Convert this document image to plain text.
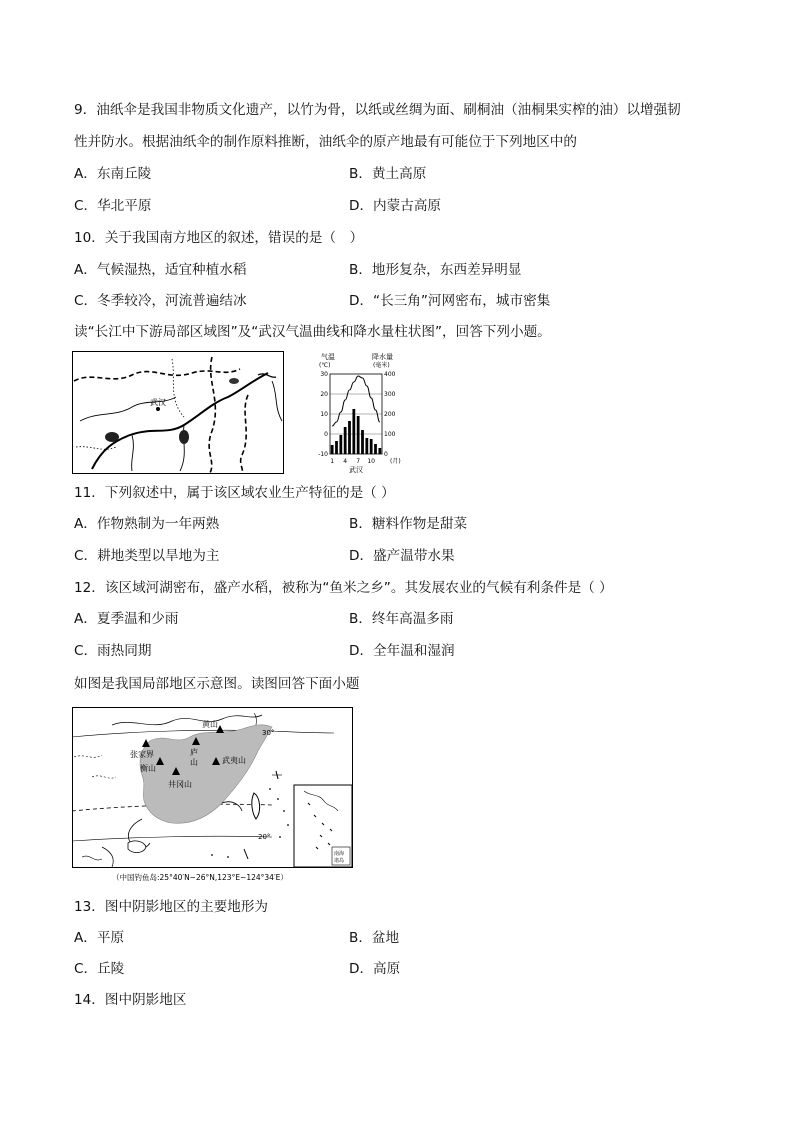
9．油纸伞是我国非物质文化遗产，以竹为骨，以纸或丝绸为面、刷桐油（油桐果实榨的油）以增强韧
性并防水。根据油纸伞的制作原料推断，油纸伞的原产地最有可能位于下列地区中的
A．东南丘陵	B．黄土高原
C．华北平原	D．内蒙古高原
10．关于我国南方地区的叙述，错误的是（　）
A．气候湿热，适宜种植水稻	B．地形复杂，东西差异明显
C．冬季较冷，河流普遍结冰	D．“长三角”河网密布，城市密集
读“长江中下游局部区域图”及“武汉气温曲线和降水量柱状图”，回答下列小题。
武汉
气温
(℃)
降水量
(毫米)
30
20
10
0
-10
400
300
200
100
0
1 4 7 10	(月)
武汉
11．下列叙述中，属于该区域农业生产特征的是（ ）
A．作物熟制为一年两熟	B．糖料作物是甜菜
C．耕地类型以旱地为主	D．盛产温带水果
12．该区域河湖密布，盛产水稻，被称为“鱼米之乡”。其发展农业的气候有利条件是（ ）
A．夏季温和少雨	B．终年高温多雨
C．雨热同期	D．全年温和湿润
如图是我国局部地区示意图。读图回答下面小题
南海
诸岛
黄山
庐
山
张家界
衡山
武夷山
井冈山
30°
20°
（中国钓鱼岛:25°40′N~26°N,123°E~124°34′E）
13．图中阴影地区的主要地形为
A．平原	B．盆地
C．丘陵	D．高原
14．图中阴影地区
